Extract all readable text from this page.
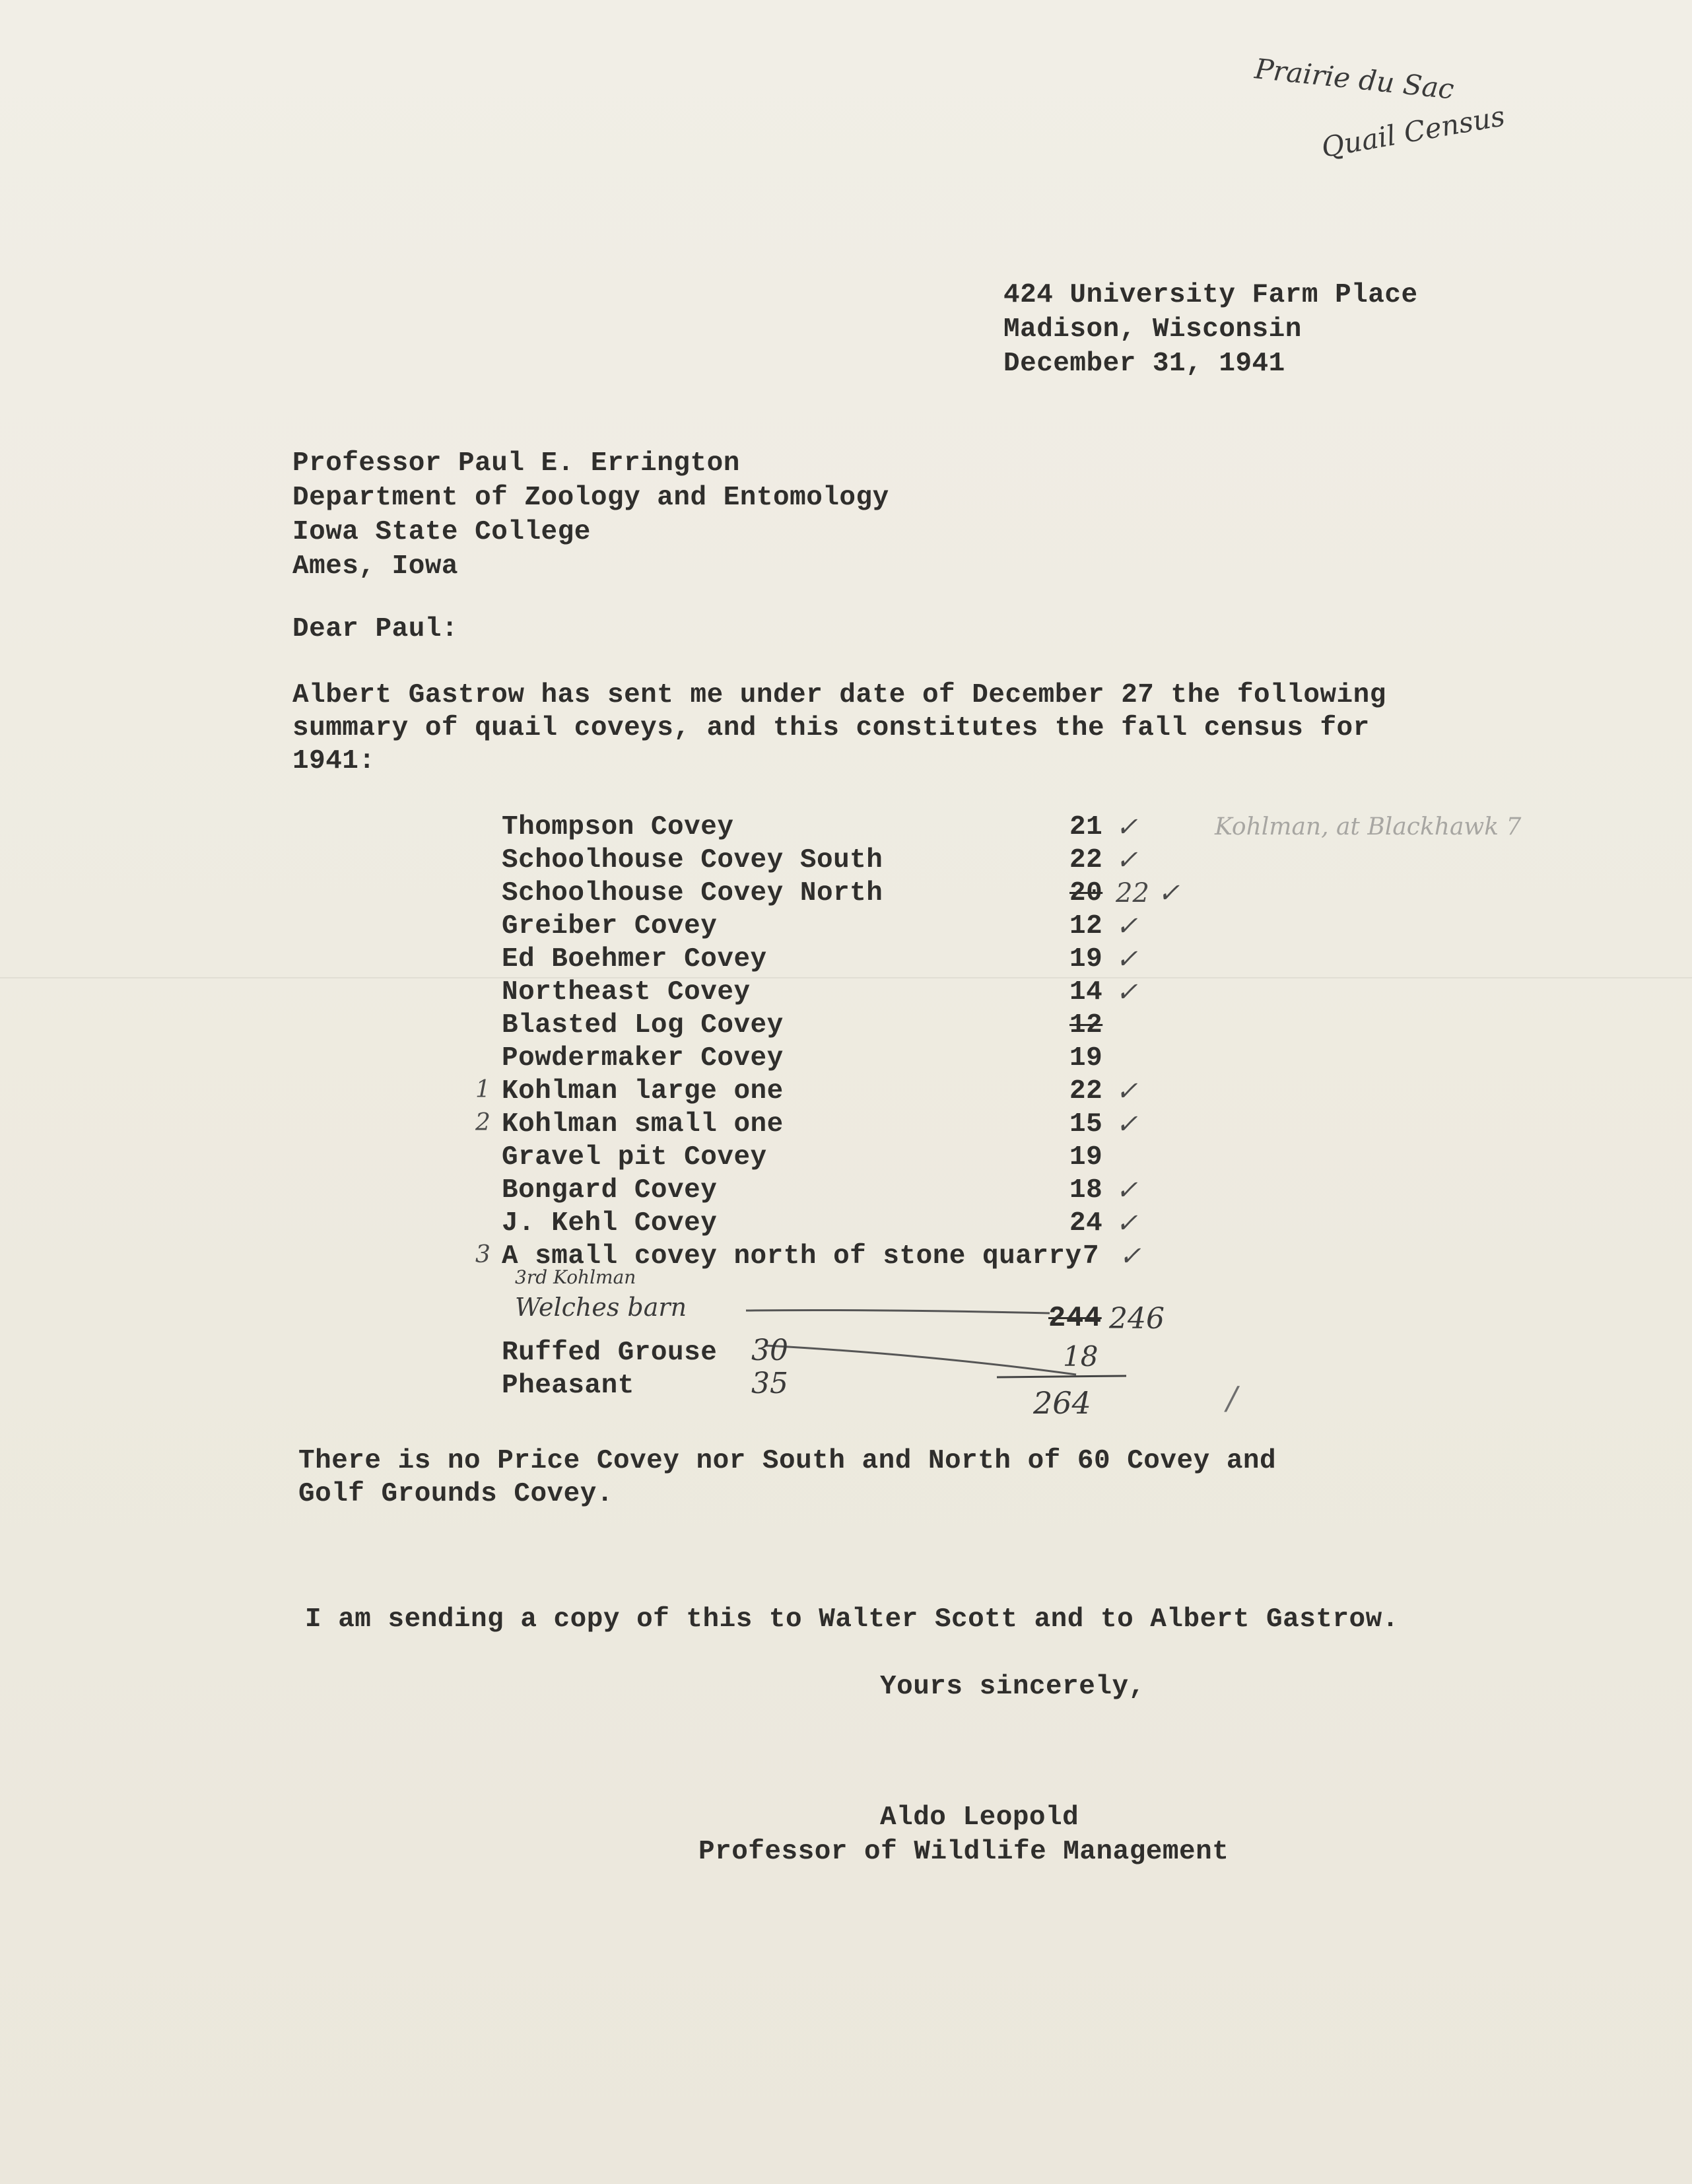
Prairie du Sac
Quail Census

424 University Farm Place

Madison, Wisconsin

December 31, 1941

Professor Paul E. Errington

Department of Zoology and Entomology

Iowa State College

Ames, Iowa

Dear Paul:

Albert Gastrow has sent me under date of December 27 the following

summary of quail coveys, and this constitutes the fall census for

1941:

Thompson Covey	21 ✓
Schoolhouse Covey South	22 ✓
Schoolhouse Covey North	20 22 ✓
Greiber Covey	12 ✓
Ed Boehmer Covey	19 ✓
Northeast Covey	14 ✓
Blasted Log Covey	12
Powdermaker Covey	19
1 Kohlman large one	22 ✓
2 Kohlman small one	15 ✓
Gravel pit Covey	19
Bongard Covey	18 ✓
J. Kehl Covey	24 ✓
3 A small covey north of stone quarry 7 ✓
Kohlman, at Blackhawk 7
3rd Kohlman
Welches barn	244 246
18
264	/

Ruffed Grouse 30

Pheasant	35

There is no Price Covey nor South and North of 60 Covey and

Golf Grounds Covey.

I am sending a copy of this to Walter Scott and to Albert Gastrow.

Yours sincerely,

Aldo Leopold

Professor of Wildlife Management
